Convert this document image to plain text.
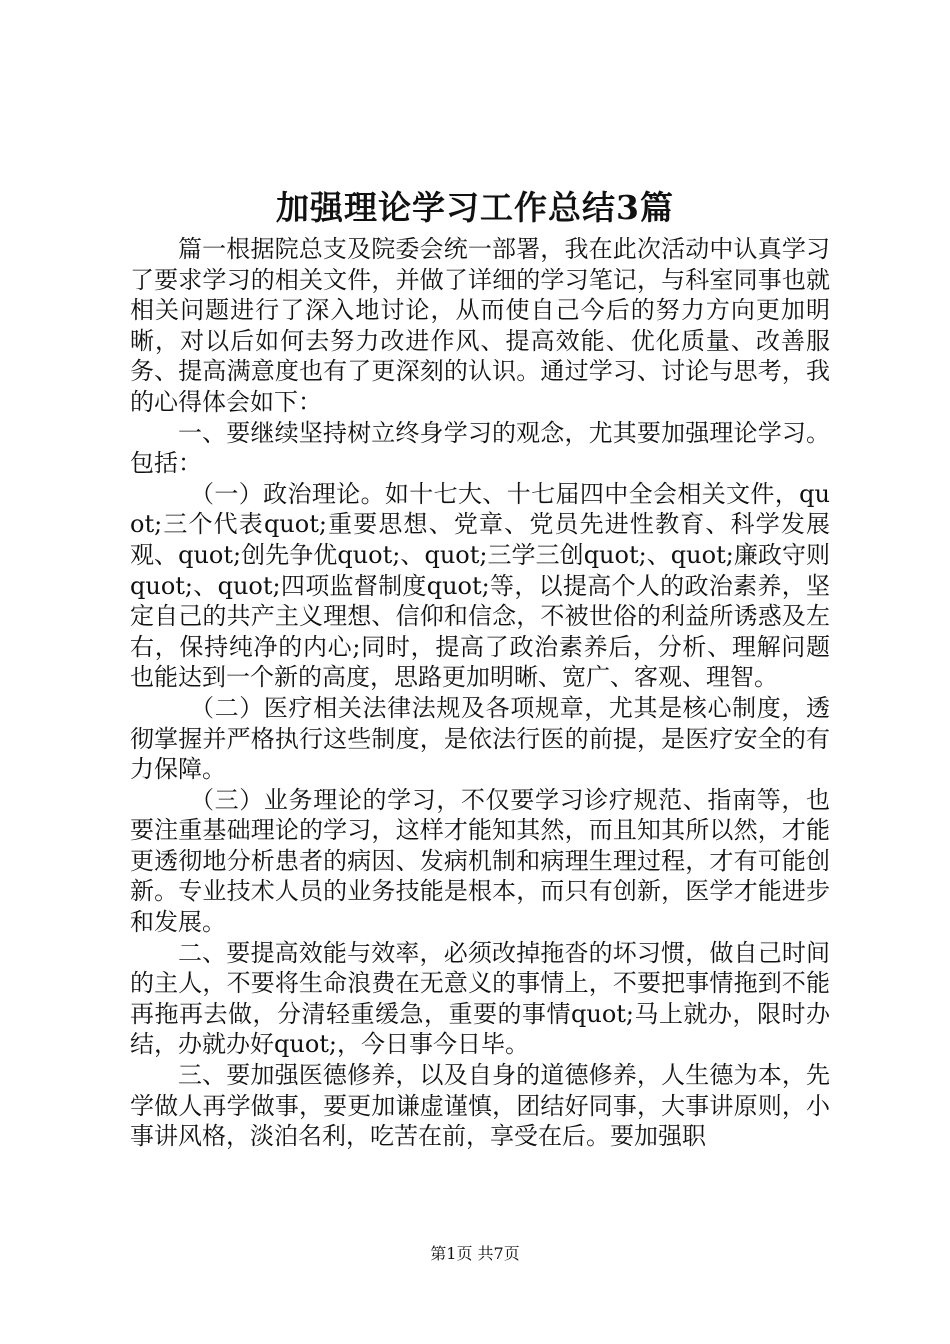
加强理论学习工作总结3篇

篇一根据院总支及院委会统一部署，我在此次活动中认真学习了要求学习的相关文件，并做了详细的学习笔记，与科室同事也就相关问题进行了深入地讨论，从而使自己今后的努力方向更加明晰，对以后如何去努力改进作风、提高效能、优化质量、改善服务、提高满意度也有了更深刻的认识。通过学习、讨论与思考，我的心得体会如下：

一、要继续坚持树立终身学习的观念，尤其要加强理论学习。包括：

（一）政治理论。如十七大、十七届四中全会相关文件，quot;三个代表quot;重要思想、党章、党员先进性教育、科学发展观、quot;创先争优quot;、quot;三学三创quot;、quot;廉政守则quot;、quot;四项监督制度quot;等，以提高个人的政治素养，坚定自己的共产主义理想、信仰和信念，不被世俗的利益所诱惑及左右，保持纯净的内心;同时，提高了政治素养后，分析、理解问题也能达到一个新的高度，思路更加明晰、宽广、客观、理智。

（二）医疗相关法律法规及各项规章，尤其是核心制度，透彻掌握并严格执行这些制度，是依法行医的前提，是医疗安全的有力保障。

（三）业务理论的学习，不仅要学习诊疗规范、指南等，也要注重基础理论的学习，这样才能知其然，而且知其所以然，才能更透彻地分析患者的病因、发病机制和病理生理过程，才有可能创新。专业技术人员的业务技能是根本，而只有创新，医学才能进步和发展。

二、要提高效能与效率，必须改掉拖沓的坏习惯，做自己时间的主人，不要将生命浪费在无意义的事情上，不要把事情拖到不能再拖再去做，分清轻重缓急，重要的事情quot;马上就办，限时办结，办就办好quot;，今日事今日毕。

三、要加强医德修养，以及自身的道德修养，人生德为本，先学做人再学做事，要更加谦虚谨慎，团结好同事，大事讲原则，小事讲风格，淡泊名利，吃苦在前，享受在后。要加强职

第1页 共7页
